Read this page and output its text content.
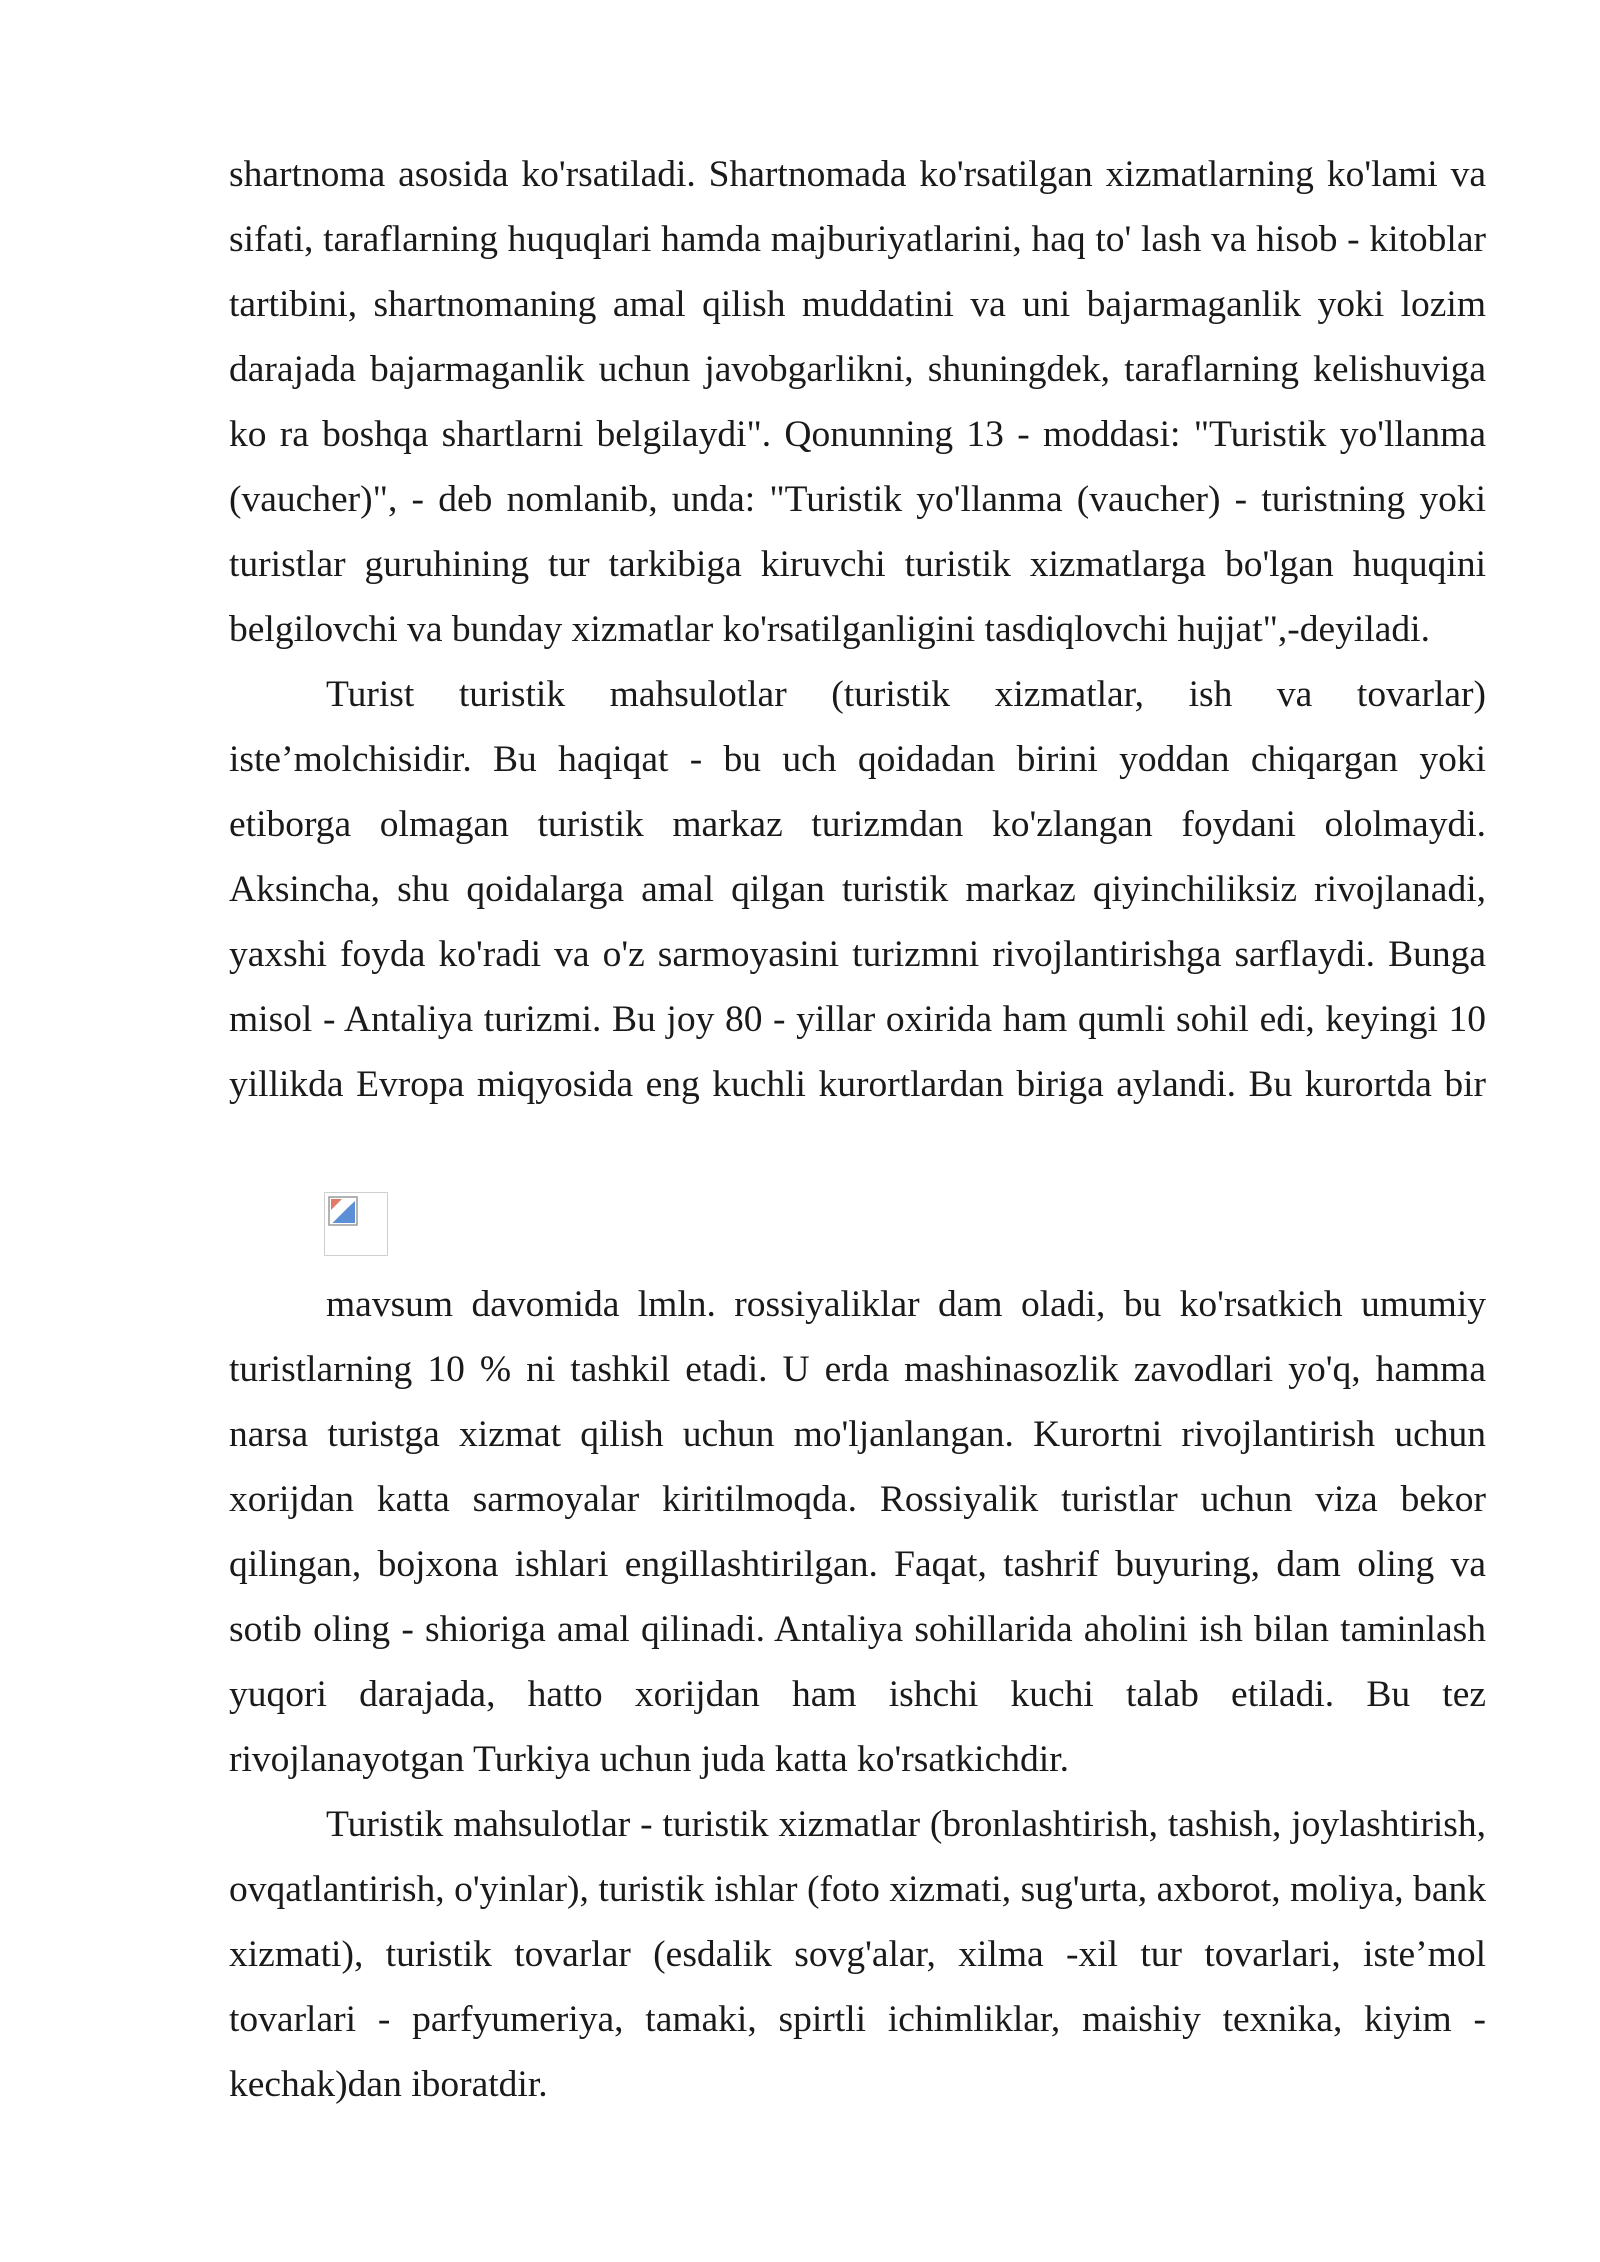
shartnoma asosida ko'rsatiladi. Shartnomada ko'rsatilgan xizmatlarning ko'lami va sifati, taraflarning huquqlari hamda majburiyatlarini, haq to' lash va hisob - kitoblar tartibini, shartnomaning amal qilish muddatini va uni bajarmaganlik yoki lozim darajada bajarmaganlik uchun javobgarlikni, shuningdek, taraflarning kelishuviga ko ra boshqa shartlarni belgilaydi". Qonunning 13 - moddasi: "Turistik yo'llanma (vaucher)", - deb nomlanib, unda: "Turistik yo'llanma (vaucher) - turistning yoki turistlar guruhining tur tarkibiga kiruvchi turistik xizmatlarga bo'lgan huquqini belgilovchi va bunday xizmatlar ko'rsatilganligini tasdiqlovchi hujjat",-deyiladi.

Turist turistik mahsulotlar (turistik xizmatlar, ish va tovarlar) iste’molchisidir. Bu haqiqat - bu uch qoidadan birini yoddan chiqargan yoki etiborga olmagan turistik markaz turizmdan ko'zlangan foydani ololmaydi. Aksincha, shu qoidalarga amal qilgan turistik markaz qiyinchiliksiz rivojlanadi, yaxshi foyda ko'radi va o'z sarmoyasini turizmni rivojlantirishga sarflaydi. Bunga misol - Antaliya turizmi. Bu joy 80 - yillar oxirida ham qumli sohil edi, keyingi 10 yillikda Evropa miqyosida eng kuchli kurortlardan biriga aylandi. Bu kurortda bir

mavsum davomida lmln. rossiyaliklar dam oladi, bu ko'rsatkich umumiy turistlarning 10 % ni tashkil etadi. U erda mashinasozlik zavodlari yo'q, hamma narsa turistga xizmat qilish uchun mo'ljanlangan. Kurortni rivojlantirish uchun xorijdan katta sarmoyalar kiritilmoqda. Rossiyalik turistlar uchun viza bekor qilingan, bojxona ishlari engillashtirilgan. Faqat, tashrif buyuring, dam oling va sotib oling - shioriga amal qilinadi. Antaliya sohillarida aholini ish bilan taminlash yuqori darajada, hatto xorijdan ham ishchi kuchi talab etiladi. Bu tez rivojlanayotgan Turkiya uchun juda katta ko'rsatkichdir.

Turistik mahsulotlar - turistik xizmatlar (bronlashtirish, tashish, joylashtirish, ovqatlantirish, o'yinlar), turistik ishlar (foto xizmati, sug'urta, axborot, moliya, bank xizmati), turistik tovarlar (esdalik sovg'alar, xilma -xil tur tovarlari, iste’mol tovarlari - parfyumeriya, tamaki, spirtli ichimliklar, maishiy texnika, kiyim - kechak)dan iboratdir.
